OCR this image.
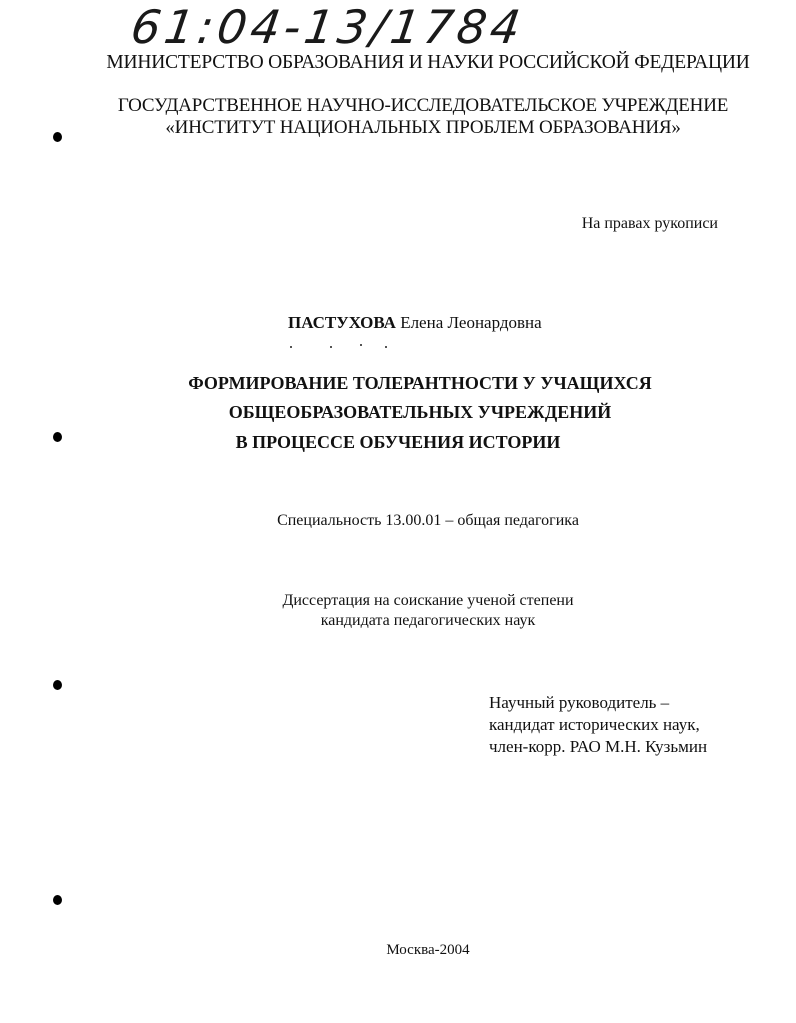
61:04-13/1784
МИНИСТЕРСТВО ОБРАЗОВАНИЯ И НАУКИ РОССИЙСКОЙ ФЕДЕРАЦИИ
ГОСУДАРСТВЕННОЕ НАУЧНО-ИССЛЕДОВАТЕЛЬСКОЕ УЧРЕЖДЕНИЕ
«ИНСТИТУТ НАЦИОНАЛЬНЫХ ПРОБЛЕМ ОБРАЗОВАНИЯ»
На правах рукописи
ПАСТУХОВА Елена Леонардовна
ФОРМИРОВАНИЕ ТОЛЕРАНТНОСТИ У УЧАЩИХСЯ
ОБЩЕОБРАЗОВАТЕЛЬНЫХ УЧРЕЖДЕНИЙ
В ПРОЦЕССЕ ОБУЧЕНИЯ ИСТОРИИ
Специальность 13.00.01 – общая педагогика
Диссертация на соискание ученой степени
кандидата педагогических наук
Научный руководитель –
кандидат исторических наук,
член-корр. РАО М.Н. Кузьмин
Москва-2004
